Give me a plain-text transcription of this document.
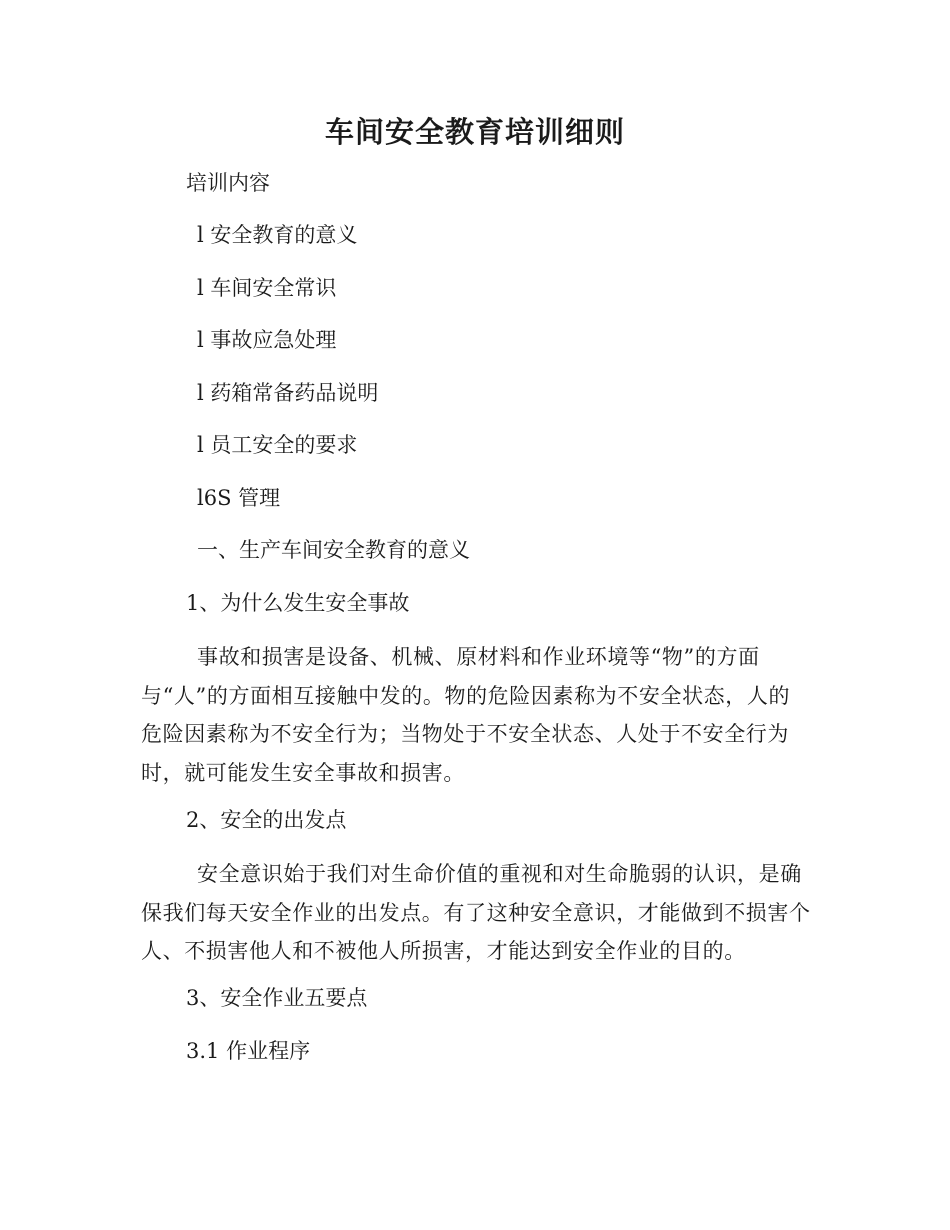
车间安全教育培训细则
培训内容
l 安全教育的意义
l 车间安全常识
l 事故应急处理
l 药箱常备药品说明
l 员工安全的要求
l6S 管理
一、生产车间安全教育的意义
1、为什么发生安全事故
事故和损害是设备、机械、原材料和作业环境等“物”的方面与“人”的方面相互接触中发的。物的危险因素称为不安全状态，人的危险因素称为不安全行为；当物处于不安全状态、人处于不安全行为时，就可能发生安全事故和损害。
2、安全的出发点
安全意识始于我们对生命价值的重视和对生命脆弱的认识，是确保我们每天安全作业的出发点。有了这种安全意识，才能做到不损害个人、不损害他人和不被他人所损害，才能达到安全作业的目的。
3、安全作业五要点
3.1 作业程序
